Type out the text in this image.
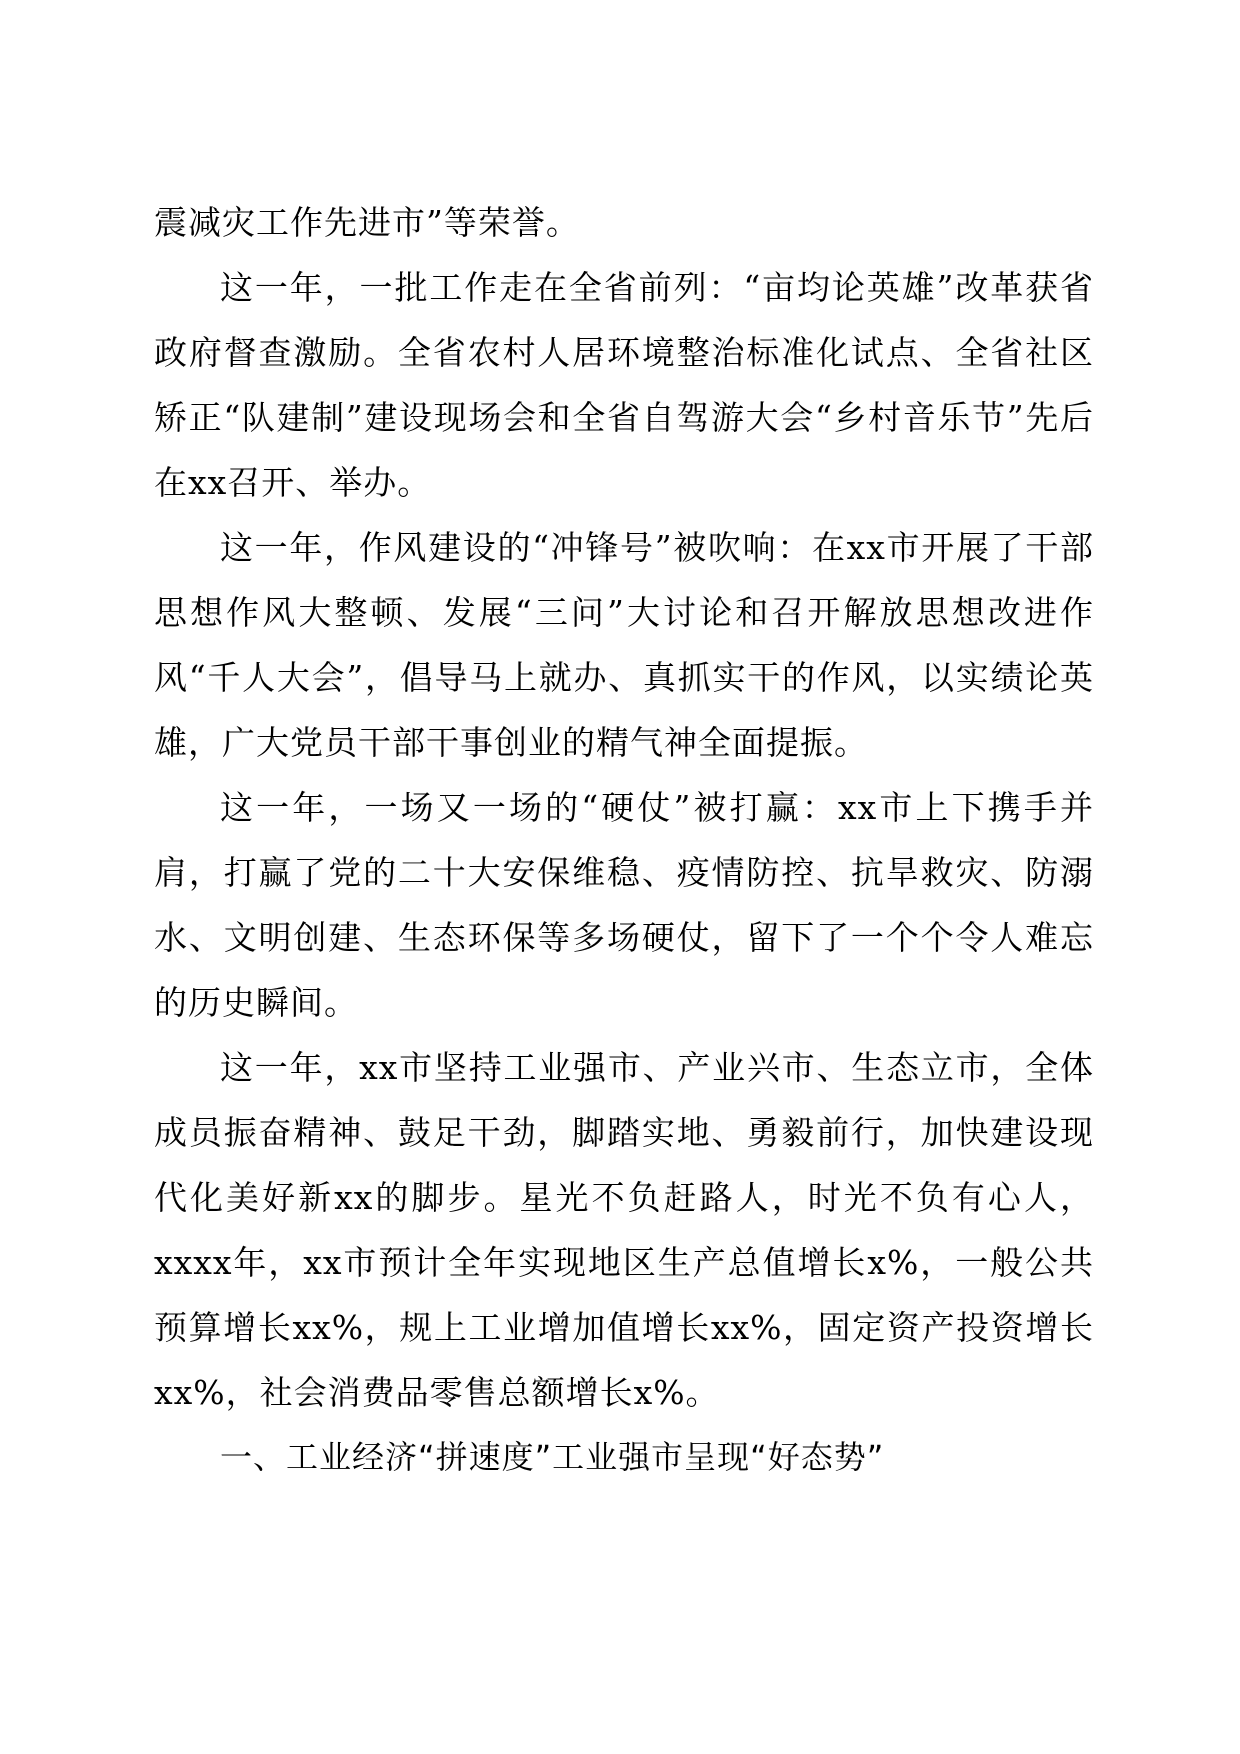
震减灾工作先进市”等荣誉。

这一年，一批工作走在全省前列：“亩均论英雄”改革获省政府督查激励。全省农村人居环境整治标准化试点、全省社区矫正“队建制”建设现场会和全省自驾游大会“乡村音乐节”先后在xx召开、举办。

这一年，作风建设的“冲锋号”被吹响：在xx市开展了干部思想作风大整顿、发展“三问”大讨论和召开解放思想改进作风“千人大会”，倡导马上就办、真抓实干的作风，以实绩论英雄，广大党员干部干事创业的精气神全面提振。

这一年，一场又一场的“硬仗”被打赢：xx市上下携手并肩，打赢了党的二十大安保维稳、疫情防控、抗旱救灾、防溺水、文明创建、生态环保等多场硬仗，留下了一个个令人难忘的历史瞬间。

这一年，xx市坚持工业强市、产业兴市、生态立市，全体成员振奋精神、鼓足干劲，脚踏实地、勇毅前行，加快建设现代化美好新xx的脚步。星光不负赶路人，时光不负有心人，xxxx年，xx市预计全年实现地区生产总值增长x%，一般公共预算增长xx%，规上工业增加值增长xx%，固定资产投资增长xx%，社会消费品零售总额增长x%。

一、工业经济“拼速度”工业强市呈现“好态势”
